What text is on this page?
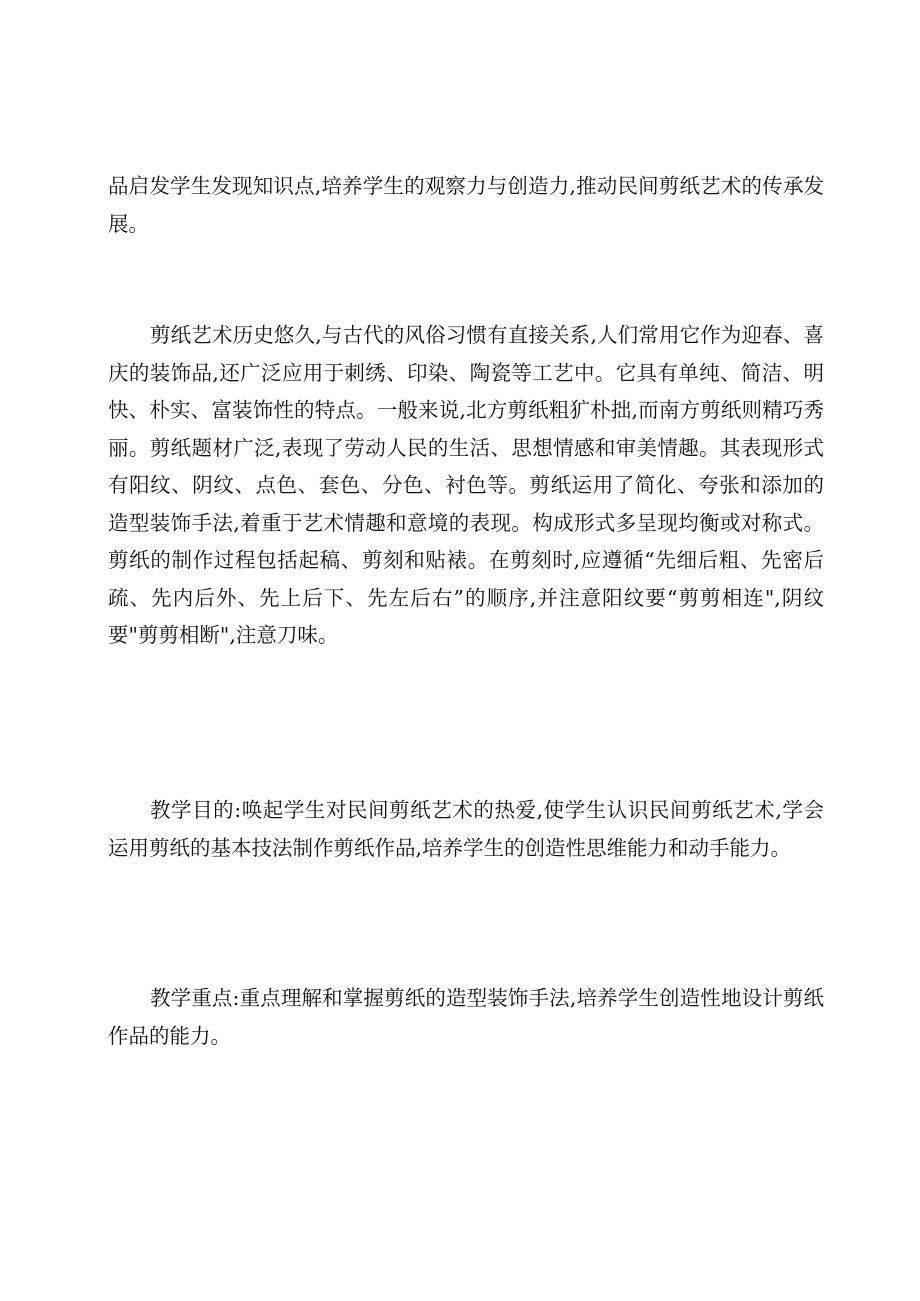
品启发学生发现知识点,培养学生的观察力与创造力,推动民间剪纸艺术的传承发展。

剪纸艺术历史悠久,与古代的风俗习惯有直接关系,人们常用它作为迎春、喜庆的装饰品,还广泛应用于刺绣、印染、陶瓷等工艺中。它具有单纯、简洁、明快、朴实、富装饰性的特点。一般来说,北方剪纸粗犷朴拙,而南方剪纸则精巧秀丽。剪纸题材广泛,表现了劳动人民的生活、思想情感和审美情趣。其表现形式有阳纹、阴纹、点色、套色、分色、衬色等。剪纸运用了简化、夸张和添加的造型装饰手法,着重于艺术情趣和意境的表现。构成形式多呈现均衡或对称式。剪纸的制作过程包括起稿、剪刻和贴裱。在剪刻时,应遵循“先细后粗、先密后疏、先内后外、先上后下、先左后右”的顺序,并注意阳纹要“剪剪相连",阴纹要"剪剪相断",注意刀味。

教学目的:唤起学生对民间剪纸艺术的热爱,使学生认识民间剪纸艺术,学会运用剪纸的基本技法制作剪纸作品,培养学生的创造性思维能力和动手能力。

教学重点:重点理解和掌握剪纸的造型装饰手法,培养学生创造性地设计剪纸作品的能力。
